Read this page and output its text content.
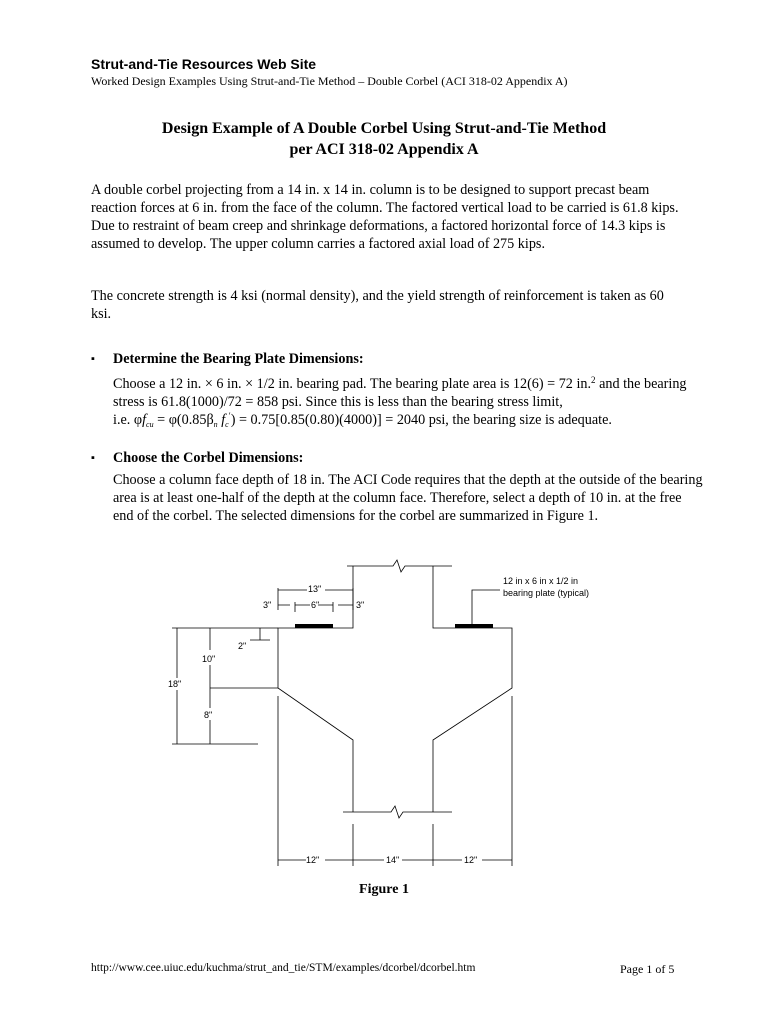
Strut-and-Tie Resources Web Site
Worked Design Examples Using Strut-and-Tie Method – Double Corbel (ACI 318-02 Appendix A)
Design Example of A Double Corbel Using Strut-and-Tie Method
per ACI 318-02 Appendix A
A double corbel projecting from a 14 in. x 14 in. column is to be designed to support precast beam reaction forces at 6 in. from the face of the column. The factored vertical load to be carried is 61.8 kips. Due to restraint of beam creep and shrinkage deformations, a factored horizontal force of 14.3 kips is assumed to develop. The upper column carries a factored axial load of 275 kips.
The concrete strength is 4 ksi (normal density), and the yield strength of reinforcement is taken as 60 ksi.
▪ Determine the Bearing Plate Dimensions:
Choose a 12 in. × 6 in. × 1/2 in. bearing pad. The bearing plate area is 12(6) = 72 in.$^2$ and the bearing stress is 61.8(1000)/72 = 858 psi. Since this is less than the bearing stress limit,
i.e. $\varphi f_{cu} = \varphi(0.85\beta_n$ $f_c') = 0.75[0.85(0.80)(4000)] = 2040$ psi, the bearing size is adequate.
▪ Choose the Corbel Dimensions:
Choose a column face depth of 18 in. The ACI Code requires that the depth at the outside of the bearing area is at least one-half of the depth at the column face. Therefore, select a depth of 10 in. at the free end of the corbel. The selected dimensions for the corbel are summarized in Figure 1.
12 in x 6 in x 1/2 in
bearing plate (typical)
13"
3"	6"	3"
2"
10"
18"
8"
12"	14"	12"
Figure 1
http://www.cee.uiuc.edu/kuchma/strut_and_tie/STM/examples/dcorbel/dcorbel.htm	Page 1 of 5
